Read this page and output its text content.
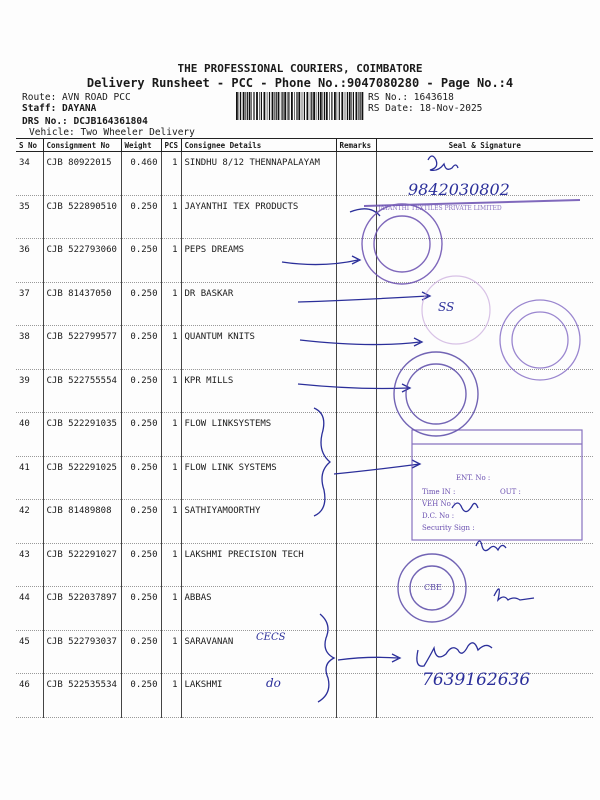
THE PROFESSIONAL COURIERS, COIMBATORE
Delivery Runsheet - PCC - Phone No.:9047080280 - Page No.:4
Route: AVN ROAD PCC
Staff: DAYANA
DRS No.: DCJB164361804
Vehicle: Two Wheeler Delivery
RS No.: 1643618
RS Date: 18-Nov-2025
S No	Consignment No	Weight	PCS	Consignee Details	Remarks	Seal & Signature
34	CJB 80922015	0.460	1	SINDHU 8/12 THENNAPALAYAM		
35	CJB 522890510	0.250	1	JAYANTHI TEX PRODUCTS		
36	CJB 522793060	0.250	1	PEPS DREAMS		
37	CJB 81437050	0.250	1	DR BASKAR		
38	CJB 522799577	0.250	1	QUANTUM KNITS		
39	CJB 522755554	0.250	1	KPR MILLS		
40	CJB 522291035	0.250	1	FLOW LINKSYSTEMS		
41	CJB 522291025	0.250	1	FLOW LINK SYSTEMS		
42	CJB 81489808	0.250	1	SATHIYAMOORTHY		
43	CJB 522291027	0.250	1	LAKSHMI PRECISION TECH		
44	CJB 522037897	0.250	1	ABBAS		
45	CJB 522793037	0.250	1	SARAVANAN		
46	CJB 522535534	0.250	1	LAKSHMI		
9842030802
SS
CECS
do	7639162636
JAYANTHI TEXTILES PRIVATE LIMITED
ENT. No :
Time IN :	OUT :
VEH No :
D.C. No :
Security Sign :
CBE
